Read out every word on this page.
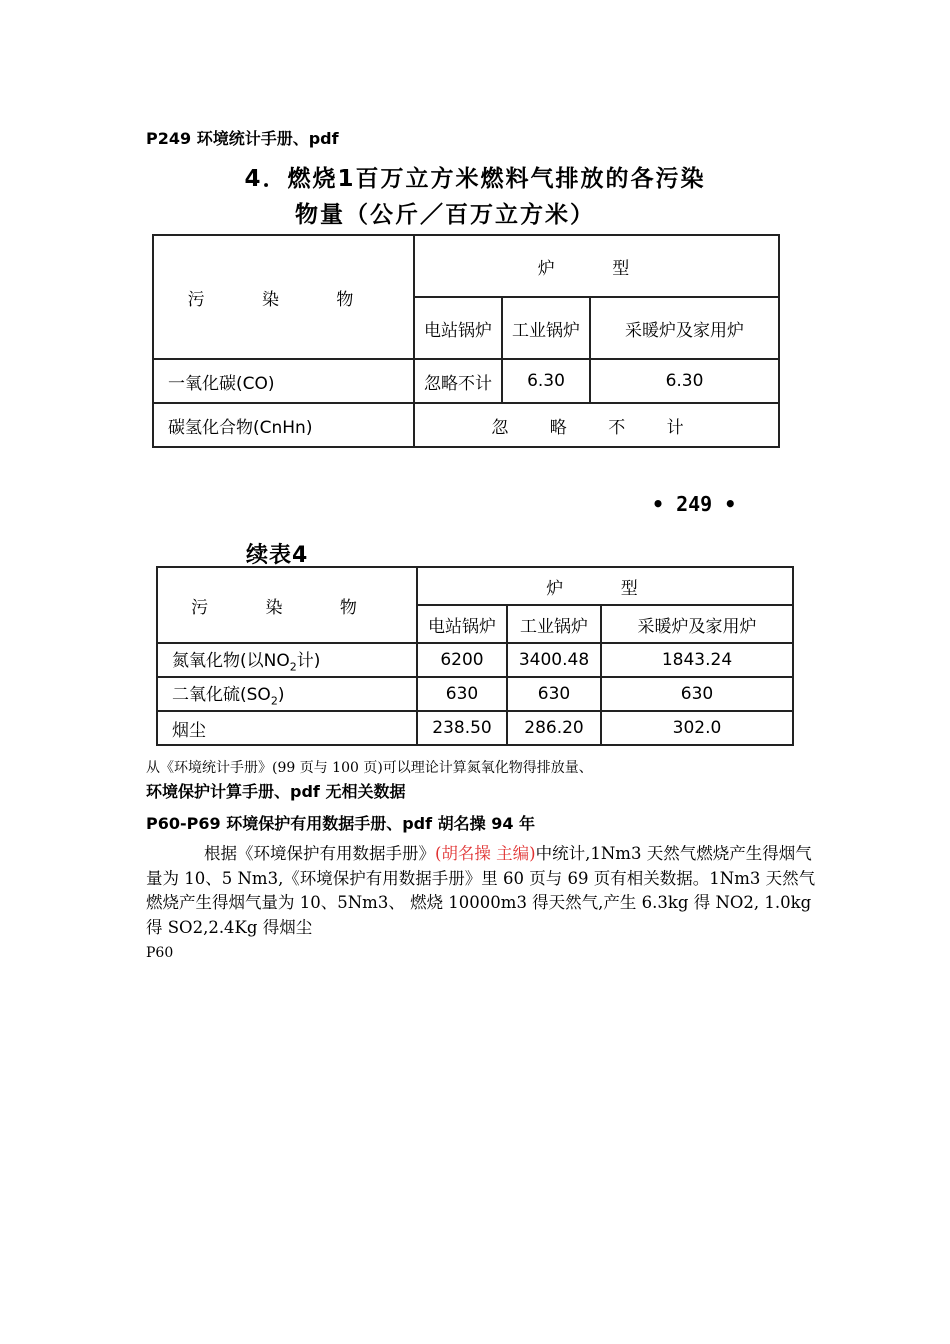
P249 环境统计手册、pdf
4．燃烧1百万立方米燃料气排放的各污染
物量（公斤／百万立方米）
污 染 物	炉 型		
	电站锅炉	工业锅炉	采暖炉及家用炉
一氧化碳(CO)	忽略不计	6.30	6.30
碳氢化合物(CnHn)	忽 略 不 计		
• 249 •
续表4
污 染 物	炉 型		
	电站锅炉	工业锅炉	采暖炉及家用炉
氮氧化物(以$NO_2$计)	6200	3400.48	1843.24
二氧化硫$(SO_2)$	630	630	630
烟尘	238.50	286.20	302.0
从《环境统计手册》(99 页与 100 页)可以理论计算氮氧化物得排放量、
环境保护计算手册、pdf 无相关数据
P60-P69 环境保护有用数据手册、pdf 胡名操 94 年
根据《环境保护有用数据手册》(胡名操 主编)中统计,1Nm3 天然气燃烧产生得烟气量为 10、5 Nm3,《环境保护有用数据手册》里 60 页与 69 页有相关数据。1Nm3 天然气燃烧产生得烟气量为 10、5Nm3、 燃烧 10000m3 得天然气,产生 6.3kg 得 NO2, 1.0kg 得 SO2,2.4Kg 得烟尘
P60
